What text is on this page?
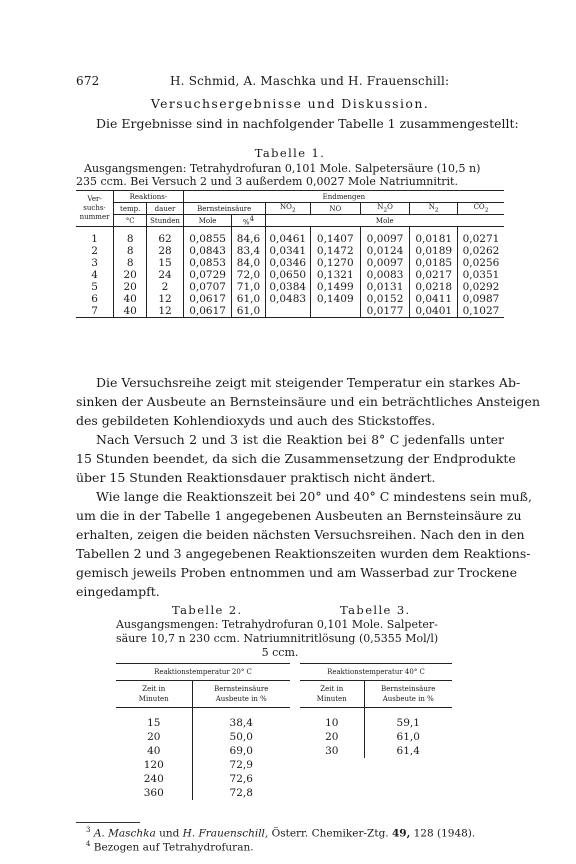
672	H. Schmid, A. Maschka und H. Frauenschill:
Versuchsergebnisse und Diskussion.
Die Ergebnisse sind in nachfolgender Tabelle 1 zusammengestellt:
Tabelle 1.
Ausgangsmengen: Tetrahydrofuran 0,101 Mole. Salpetersäure (10,5 n)
235 ccm. Bei Versuch 2 und 3 außerdem 0,0027 Mole Natriumnitrit.
Ver-
suchs-
nummer	Reaktions-		Endmengen						
	temp.	dauer	Bernsteinsäure		$NO_2$	NO	$N_2O$	$N_2$	$CO_2$
	°C	Stunden	Mole	%$^4$	Mole				

1	8	62	0,0855	84,6	0,0461	0,1407	0,0097	0,0181	0,0271
2	8	28	0,0843	83,4	0,0341	0,1472	0,0124	0,0189	0,0262
3	8	15	0,0853	84,0	0,0346	0,1270	0,0097	0,0185	0,0256
4	20	24	0,0729	72,0	0,0650	0,1321	0,0083	0,0217	0,0351
5	20	2	0,0707	71,0	0,0384	0,1499	0,0131	0,0218	0,0292
6	40	12	0,0617	61,0	0,0483	0,1409	0,0152	0,0411	0,0987
7	40	12	0,0617	61,0			0,0177	0,0401	0,1027
Die Versuchsreihe zeigt mit steigender Temperatur ein starkes Ab-
sinken der Ausbeute an Bernsteinsäure und ein beträchtliches Ansteigen
des gebildeten Kohlendioxyds und auch des Stickstoffes.
Nach Versuch 2 und 3 ist die Reaktion bei 8° C jedenfalls unter
15 Stunden beendet, da sich die Zusammensetzung der Endprodukte
über 15 Stunden Reaktionsdauer praktisch nicht ändert.
Wie lange die Reaktionszeit bei 20° und 40° C mindestens sein muß,
um die in der Tabelle 1 angegebenen Ausbeuten an Bernsteinsäure zu
erhalten, zeigen die beiden nächsten Versuchsreihen. Nach den in den
Tabellen 2 und 3 angegebenen Reaktionszeiten wurden dem Reaktions-
gemisch jeweils Proben entnommen und am Wasserbad zur Trockene
eingedampft.
Tabelle 2.	Tabelle 3.
Ausgangsmengen: Tetrahydrofuran 0,101 Mole. Salpeter-
säure 10,7 n 230 ccm. Natriumnitritlösung (0,5355 Mol/l)
5 ccm.
Reaktionstemperatur 20° C	
Zeit in
Minuten	Bernsteinsäure
Ausbeute in %

15	38,4
20	50,0
40	69,0
120	72,9
240	72,6
360	72,8
Reaktionstemperatur 40° C	
Zeit in
Minuten	Bernsteinsäure
Ausbeute in %

10	59,1
20	61,0
30	61,4
$^3$ A. Maschka und H. Frauenschill, Österr. Chemiker-Ztg. 49, 128 (1948).
$^4$ Bezogen auf Tetrahydrofuran.
